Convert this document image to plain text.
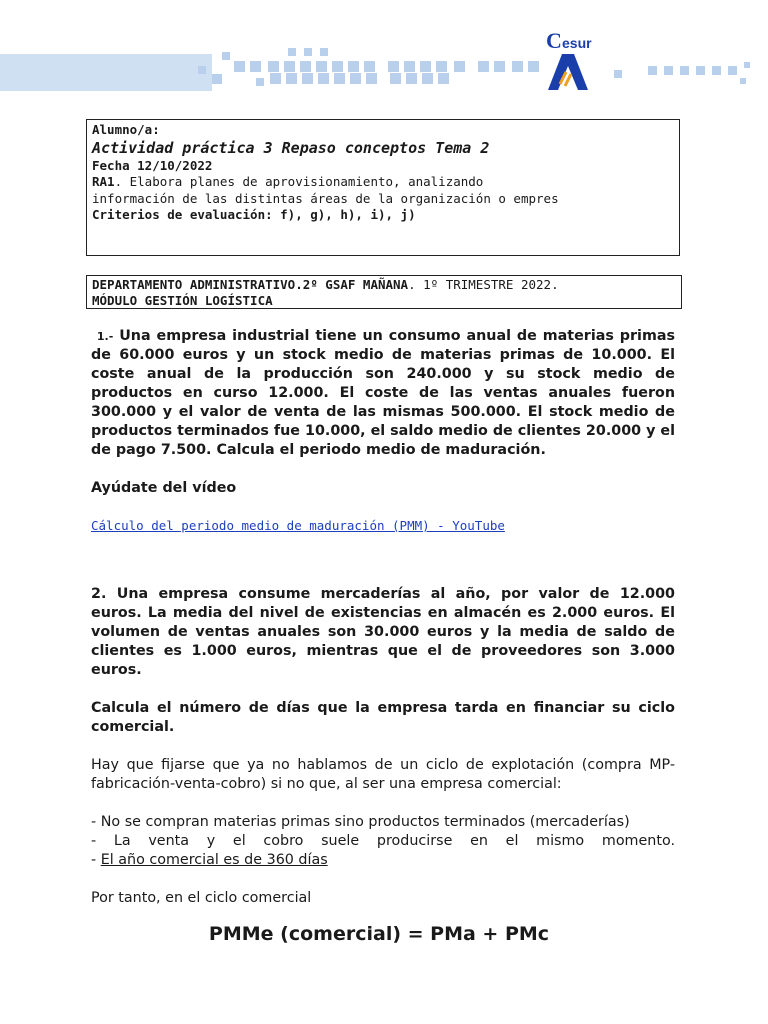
C esur
Alumno/a:
Actividad práctica 3 Repaso conceptos Tema 2
Fecha 12/10/2022
RA1. Elabora planes de aprovisionamiento, analizando
información de las distintas áreas de la organización o empres
Criterios de evaluación: f), g), h), i), j)
DEPARTAMENTO ADMINISTRATIVO.2º GSAF MAÑANA. 1º TRIMESTRE 2022.
MÓDULO GESTIÓN LOGÍSTICA

1.- Una empresa industrial tiene un consumo anual de materias primas de 60.000 euros y un stock medio de materias primas de 10.000. El coste anual de la producción son 240.000 y su stock medio de productos en curso 12.000. El coste de las ventas anuales fueron 300.000 y el valor de venta de las mismas 500.000. El stock medio de productos terminados fue 10.000, el saldo medio de clientes 20.000 y el de pago 7.500. Calcula el periodo medio de maduración.

Ayúdate del vídeo

Cálculo del periodo medio de maduración (PMM) - YouTube

2. Una empresa consume mercaderías al año, por valor de 12.000 euros. La media del nivel de existencias en almacén es 2.000 euros. El volumen de ventas anuales son 30.000 euros y la media de saldo de clientes es 1.000 euros, mientras que el de proveedores son 3.000 euros.

Calcula el número de días que la empresa tarda en financiar su ciclo comercial.

Hay que fijarse que ya no hablamos de un ciclo de explotación (compra MP-fabricación-venta-cobro) si no que, al ser una empresa comercial:

- No se compran materias primas sino productos terminados (mercaderías)

- La venta y el cobro suele producirse en el mismo momento.

- El año comercial es de 360 días

Por tanto, en el ciclo comercial

PMMe (comercial) = PMa + PMc
